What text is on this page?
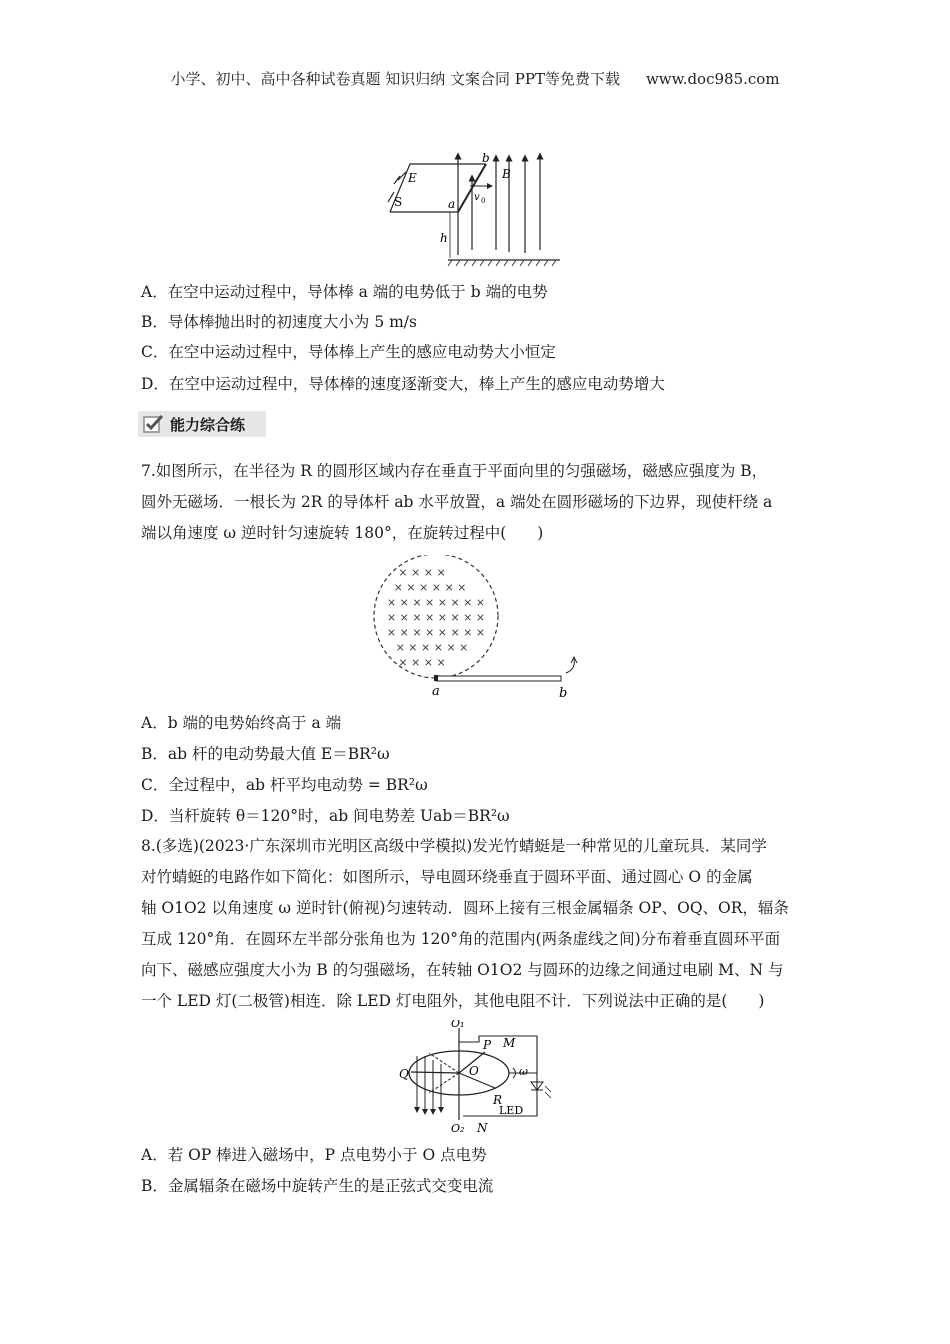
小学、初中、高中各种试卷真题 知识归纳 文案合同 PPT等免费下载 www.doc985.com
b
B
E
S	a v 0
h
A．在空中运动过程中，导体棒 a 端的电势低于 b 端的电势
B．导体棒抛出时的初速度大小为 5 m/s
C．在空中运动过程中，导体棒上产生的感应电动势大小恒定
D．在空中运动过程中，导体棒的速度逐渐变大，棒上产生的感应电动势增大
能力综合练
7.如图所示，在半径为 R 的圆形区域内存在垂直于平面向里的匀强磁场，磁感应强度为 B，
圆外无磁场．一根长为 2R 的导体杆 ab 水平放置，a 端处在圆形磁场的下边界，现使杆绕 a
端以角速度 ω 逆时针匀速旋转 180°，在旋转过程中(　　)
× × × ×
× × × × × ×
× × × × × × × ×
× × × × × × × ×
× × × × × × × ×
× × × × × ×
× × × ×
a	b
A．b 端的电势始终高于 a 端
B．ab 杆的电动势最大值 E＝BR²ω
C．全过程中，ab 杆平均电动势 = BR²ω
D．当杆旋转 θ＝120°时，ab 间电势差 Uab＝BR²ω
8.(多选)(2023·广东深圳市光明区高级中学模拟)发光竹蜻蜓是一种常见的儿童玩具．某同学
对竹蜻蜓的电路作如下简化：如图所示，导电圆环绕垂直于圆环平面、通过圆心 O 的金属
轴 O1O2 以角速度 ω 逆时针(俯视)匀速转动．圆环上接有三根金属辐条 OP、OQ、OR，辐条
互成 120°角．在圆环左半部分张角也为 120°角的范围内(两条虚线之间)分布着垂直圆环平面
向下、磁感应强度大小为 B 的匀强磁场，在转轴 O1O2 与圆环的边缘之间通过电刷 M、N 与
一个 LED 灯(二极管)相连．除 LED 灯电阻外，其他电阻不计．下列说法中正确的是(　　)
O₁
O₂
O
P M
Q
R
N
ω
LED
A．若 OP 棒进入磁场中，P 点电势小于 O 点电势
B．金属辐条在磁场中旋转产生的是正弦式交变电流
